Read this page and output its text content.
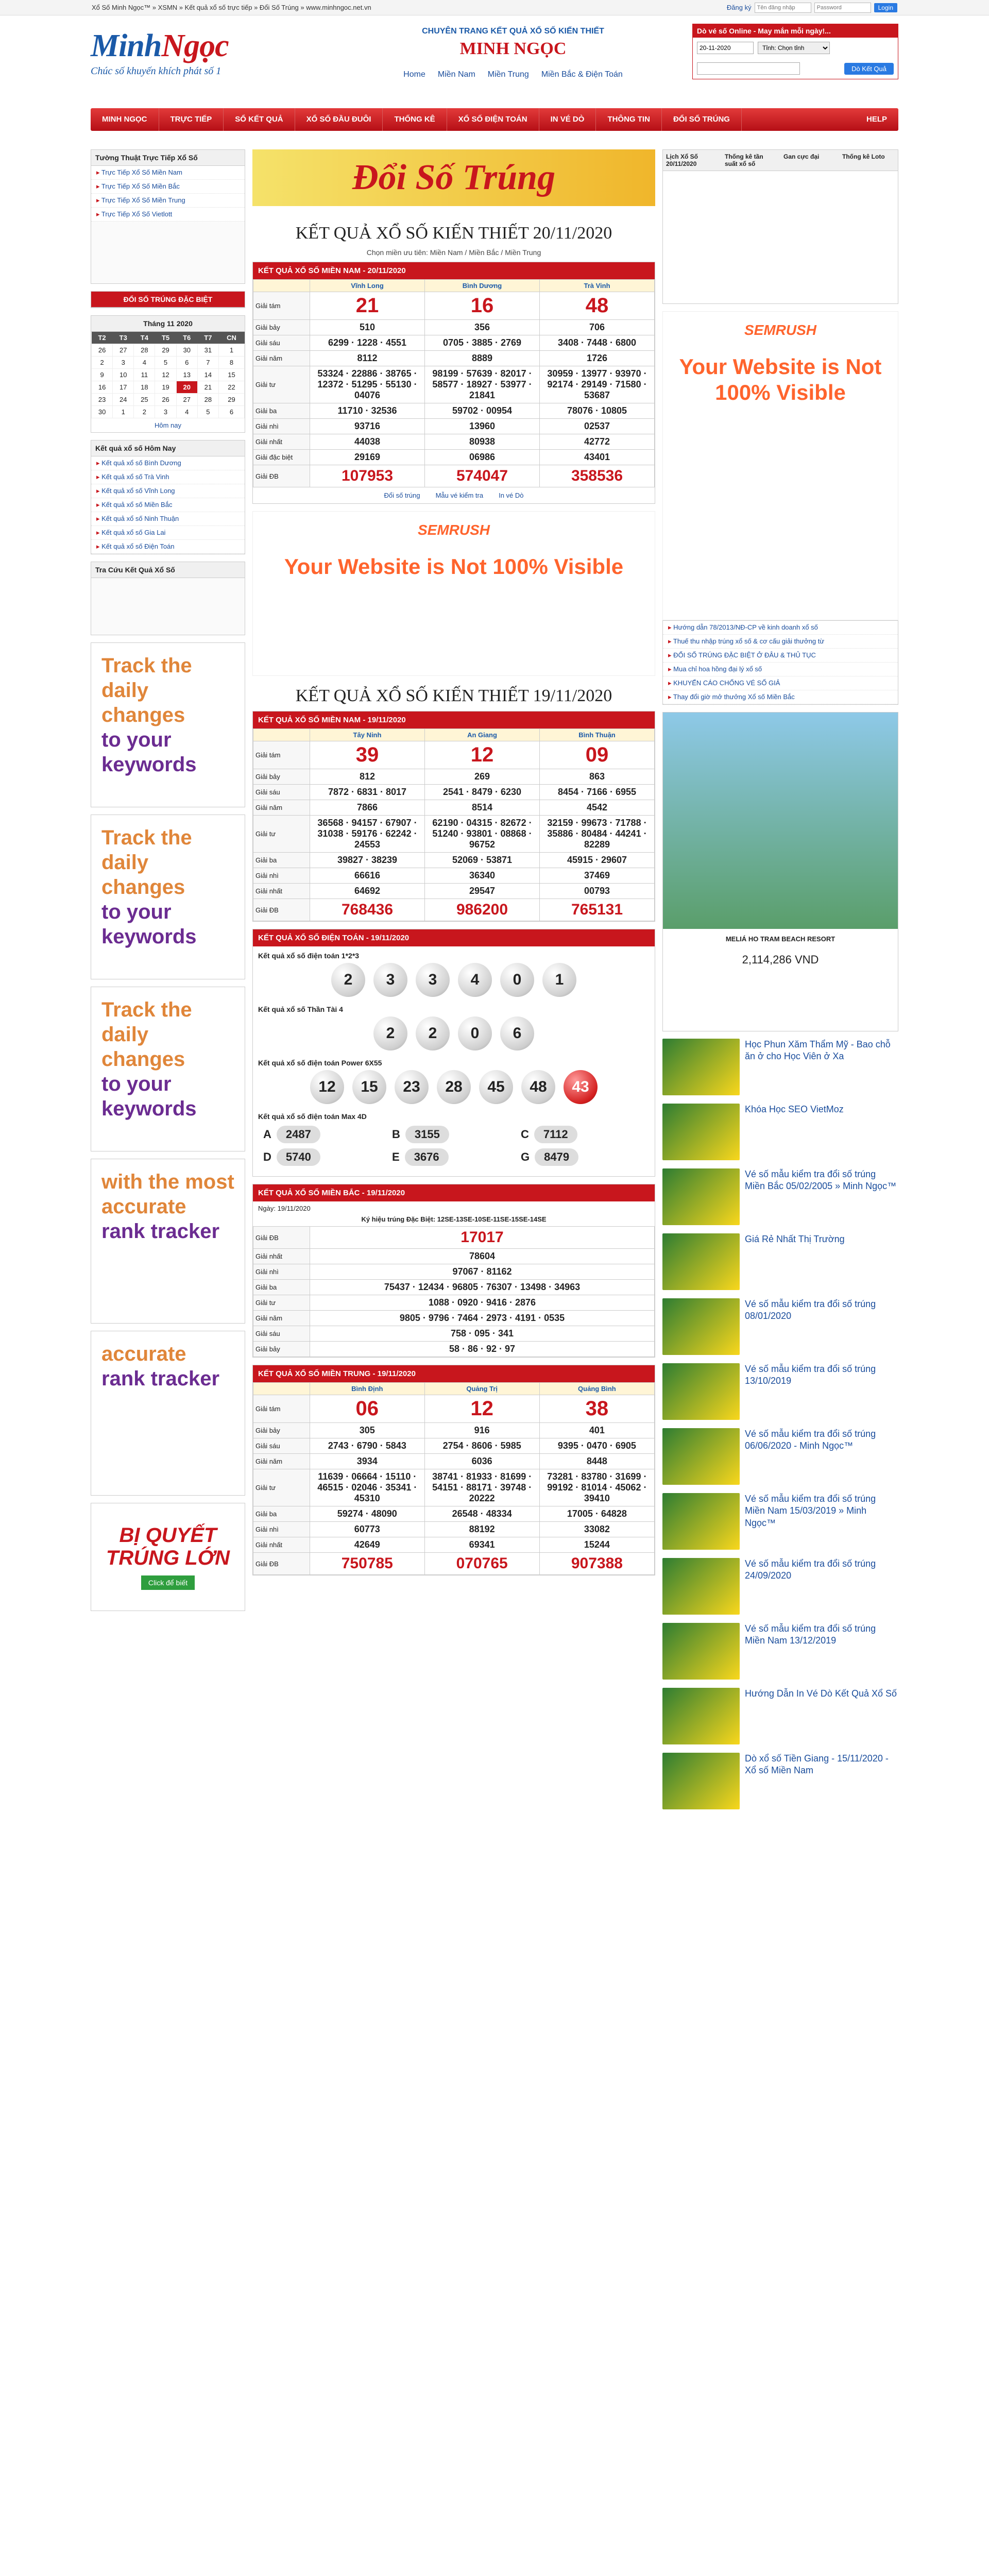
Xổ Số Minh Ngọc™ » XSMN » Kết quả xổ số trực tiếp » Đổi Số Trúng » www.minhngoc.net.vn	Đăng ký
Tên đăng nhập	Login
MinhNgọc
Chúc số khuyến khích phát số 1
CHUYÊN TRANG KẾT QUẢ XỔ SỐ KIẾN THIẾT
MINH NGỌC
Home Miền Nam Miền Trung Miền Bắc & Điện Toán
Dò vé số Online - May mắn mỗi ngày!...
20-11-2020
Tỉnh: Chọn tỉnh
Dò Kết Quả
MINH NGỌC	TRỰC TIẾP	SỔ KẾT QUẢ	XỔ SỐ ĐẦU ĐUÔI	THỐNG KÊ	XỔ SỐ ĐIỆN TOÁN	IN VÉ DÒ	THÔNG TIN	ĐỔI SỐ TRÚNG	HELP
Tường Thuật Trực Tiếp Xổ Số
▸ Trực Tiếp Xổ Số Miền Nam
▸ Trực Tiếp Xổ Số Miền Bắc
▸ Trực Tiếp Xổ Số Miền Trung
▸ Trực Tiếp Xổ Số Vietlott
ĐỔI SỐ TRÚNG ĐẶC BIỆT
Tháng 11 2020
T2	T3	T4	T5	T6	T7	CN
26	27	28	29	30	31	1
2	3	4	5	6	7	8
9	10	11	12	13	14	15
16	17	18	19	20	21	22
23	24	25	26	27	28	29
30	1	2	3	4	5	6
Hôm nay
Kết quả xổ số Hôm Nay
▸ Kết quả xổ số Bình Dương
▸ Kết quả xổ số Trà Vinh
▸ Kết quả xổ số Vĩnh Long
▸ Kết quả xổ số Miền Bắc
▸ Kết quả xổ số Ninh Thuận
▸ Kết quả xổ số Gia Lai
▸ Kết quả xổ số Điện Toán
Tra Cứu Kết Quả Xổ Số
Track the daily changes
to your keywords
Track the daily changes
to your keywords
Track the daily changes
to your keywords
with the most accurate
rank tracker
accurate
rank tracker
BỊ QUYẾT TRÚNG LỚN
Click để biết
Đổi Số Trúng
KẾT QUẢ XỔ SỐ KIẾN THIẾT 20/11/2020
Chọn miền ưu tiên: Miền Nam / Miền Bắc / Miền Trung
KẾT QUẢ XỔ SỐ MIỀN NAM - 20/11/2020
	Vĩnh Long	Bình Dương	Trà Vinh
Giải tám	21	16	48
Giải bảy	510	356	706
Giải sáu	6299 · 1228 · 4551	0705 · 3885 · 2769	3408 · 7448 · 6800
Giải năm	8112	8889	1726
Giải tư	53324 · 22886 · 38765 · 12372 · 51295 · 55130 · 04076	98199 · 57639 · 82017 · 58577 · 18927 · 53977 · 21841	30959 · 13977 · 93970 · 92174 · 29149 · 71580 · 53687
Giải ba	11710 · 32536	59702 · 00954	78076 · 10805
Giải nhì	93716	13960	02537
Giải nhất	44038	80938	42772
Giải đặc biệt	29169	06986	43401
Giải ĐB	107953	574047	358536
Đổi số trúng Mẫu vé kiểm tra In vé Dò
SEMRUSH
Your Website is Not 100% Visible
KẾT QUẢ XỔ SỐ KIẾN THIẾT 19/11/2020
KẾT QUẢ XỔ SỐ MIỀN NAM - 19/11/2020
	Tây Ninh	An Giang	Bình Thuận
Giải tám	39	12	09
Giải bảy	812	269	863
Giải sáu	7872 · 6831 · 8017	2541 · 8479 · 6230	8454 · 7166 · 6955
Giải năm	7866	8514	4542
Giải tư	36568 · 94157 · 67907 · 31038 · 59176 · 62242 · 24553	62190 · 04315 · 82672 · 51240 · 93801 · 08868 · 96752	32159 · 99673 · 71788 · 35886 · 80484 · 44241 · 82289
Giải ba	39827 · 38239	52069 · 53871	45915 · 29607
Giải nhì	66616	36340	37469
Giải nhất	64692	29547	00793
Giải ĐB	768436	986200	765131
KẾT QUẢ XỔ SỐ ĐIỆN TOÁN - 19/11/2020
Kết quả xổ số điện toán 1*2*3
2 3 3 4 0 1
Kết quả xổ số Thần Tài 4
2 2 0 6
Kết quả xổ số điện toán Power 6X55
12 15 23 28 45 48 43
Kết quả xổ số điện toán Max 4D
A	2487	B	3155	C	7112
D	5740	E	3676	G	8479
KẾT QUẢ XỔ SỐ MIỀN BẮC - 19/11/2020
Ngày: 19/11/2020
Ký hiệu trúng Đặc Biệt: 12SE-13SE-10SE-11SE-15SE-14SE
Giải ĐB	17017
Giải nhất	78604
Giải nhì	97067 · 81162
Giải ba	75437 · 12434 · 96805 · 76307 · 13498 · 34963
Giải tư	1088 · 0920 · 9416 · 2876
Giải năm	9805 · 9796 · 7464 · 2973 · 4191 · 0535
Giải sáu	758 · 095 · 341
Giải bảy	58 · 86 · 92 · 97
KẾT QUẢ XỔ SỐ MIỀN TRUNG - 19/11/2020
	Bình Định	Quảng Trị	Quảng Bình
Giải tám	06	12	38
Giải bảy	305	916	401
Giải sáu	2743 · 6790 · 5843	2754 · 8606 · 5985	9395 · 0470 · 6905
Giải năm	3934	6036	8448
Giải tư	11639 · 06664 · 15110 · 46515 · 02046 · 35341 · 45310	38741 · 81933 · 81699 · 54151 · 88171 · 39748 · 20222	73281 · 83780 · 31699 · 99192 · 81014 · 45062 · 39410
Giải ba	59274 · 48090	26548 · 48334	17005 · 64828
Giải nhì	60773	88192	33082
Giải nhất	42649	69341	15244
Giải ĐB	750785	070765	907388
Lịch Xổ Số 20/11/2020
Thống kê tần suất xổ số
Gan cực đại	Thống kê Loto
SEMRUSH
Your Website is Not 100% Visible
▸ Hướng dẫn 78/2013/NĐ-CP về kinh doanh xổ số
▸ Thuế thu nhập trúng xổ số & cơ cấu giải thưởng từ
▸ ĐỔI SỐ TRÚNG ĐẶC BIỆT Ở ĐÂU & THỦ TỤC
▸ Mua chỉ hoa hồng đại lý xổ số
▸ KHUYẾN CÁO CHỐNG VÉ SỐ GIẢ
▸ Thay đổi giờ mở thưởng Xổ số Miền Bắc
MELIÁ HO TRAM BEACH RESORT
2,114,286 VND
Học Phun Xăm Thẩm Mỹ - Bao chỗ ăn ở cho Học Viên ở Xa
Khóa Học SEO VietMoz
Vé số mẫu kiểm tra đổi số trúng Miền Bắc 05/02/2005 » Minh Ngọc™
Giá Rẻ Nhất Thị Trường
Vé số mẫu kiểm tra đổi số trúng 08/01/2020
Vé số mẫu kiểm tra đổi số trúng 13/10/2019
Vé số mẫu kiểm tra đổi số trúng 06/06/2020 - Minh Ngọc™
Vé số mẫu kiểm tra đổi số trúng Miền Nam 15/03/2019 » Minh Ngọc™
Vé số mẫu kiểm tra đổi số trúng 24/09/2020
Vé số mẫu kiểm tra đổi số trúng Miền Nam 13/12/2019
Hướng Dẫn In Vé Dò Kết Quả Xổ Số
Dò xổ số Tiền Giang - 15/11/2020 - Xổ số Miền Nam
